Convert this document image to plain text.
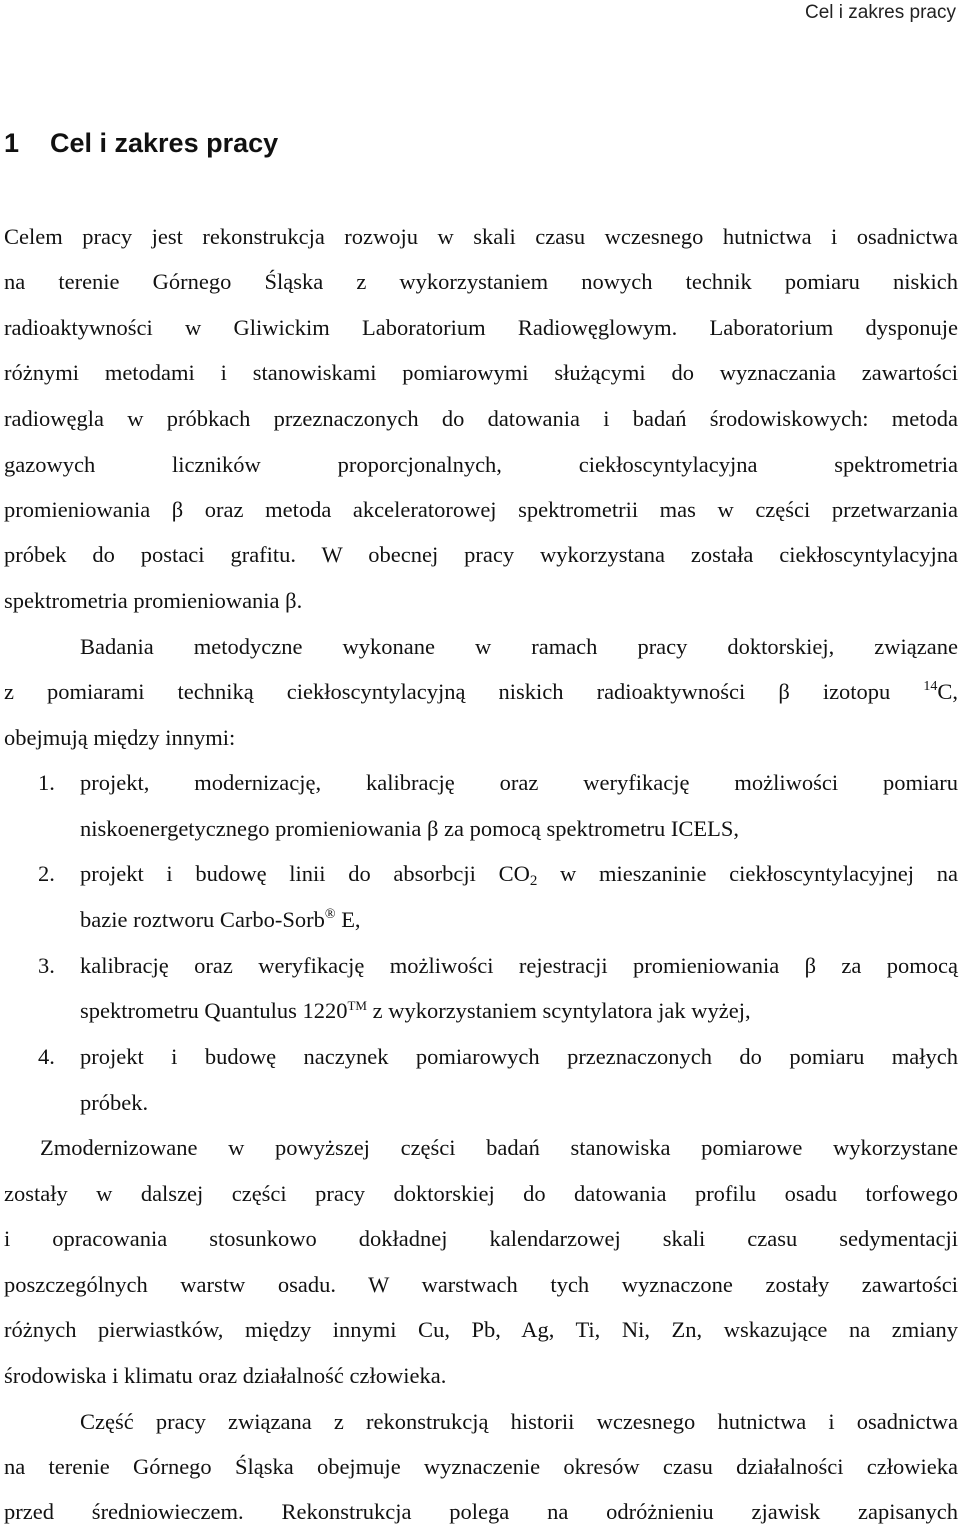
Cel i zakres pracy
1 Cel i zakres pracy
Celem pracy jest rekonstrukcja rozwoju w skali czasu wczesnego hutnictwa i osadnictwa
na terenie Górnego Śląska z wykorzystaniem nowych technik pomiaru niskich
radioaktywności w Gliwickim Laboratorium Radiowęglowym. Laboratorium dysponuje
różnymi metodami i stanowiskami pomiarowymi służącymi do wyznaczania zawartości
radiowęgla w próbkach przeznaczonych do datowania i badań środowiskowych: metoda
gazowych liczników proporcjonalnych, ciekłoscyntylacyjna spektrometria
promieniowania β oraz metoda akceleratorowej spektrometrii mas w części przetwarzania
próbek do postaci grafitu. W obecnej pracy wykorzystana została ciekłoscyntylacyjna
spektrometria promieniowania β.
Badania metodyczne wykonane w ramach pracy doktorskiej, związane
z pomiarami techniką ciekłoscyntylacyjną niskich radioaktywności β izotopu $^{14}$C,
obejmują między innymi:
1. projekt, modernizację, kalibrację oraz weryfikację możliwości pomiaru
niskoenergetycznego promieniowania β za pomocą spektrometru ICELS,
2. projekt i budowę linii do absorbcji $CO_2$ w mieszaninie ciekłoscyntylacyjnej na
bazie roztworu Carbo-Sorb® E,
3. kalibrację oraz weryfikację możliwości rejestracji promieniowania β za pomocą
spektrometru Quantulus 1220™ z wykorzystaniem scyntylatora jak wyżej,
4. projekt i budowę naczynek pomiarowych przeznaczonych do pomiaru małych
próbek.
Zmodernizowane w powyższej części badań stanowiska pomiarowe wykorzystane
zostały w dalszej części pracy doktorskiej do datowania profilu osadu torfowego
i opracowania stosunkowo dokładnej kalendarzowej skali czasu sedymentacji
poszczególnych warstw osadu. W warstwach tych wyznaczone zostały zawartości
różnych pierwiastków, między innymi Cu, Pb, Ag, Ti, Ni, Zn, wskazujące na zmiany
środowiska i klimatu oraz działalność człowieka.
Część pracy związana z rekonstrukcją historii wczesnego hutnictwa i osadnictwa
na terenie Górnego Śląska obejmuje wyznaczenie okresów czasu działalności człowieka
przed średniowieczem. Rekonstrukcja polega na odróżnieniu zjawisk zapisanych
